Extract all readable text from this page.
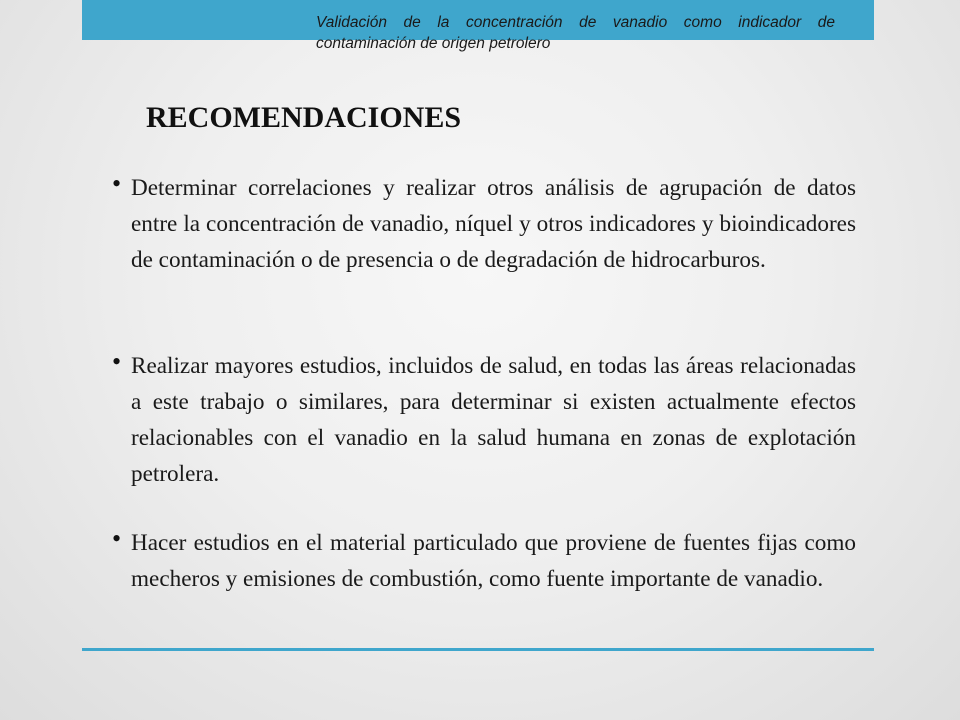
Validación de la concentración de vanadio como indicador de contaminación de origen petrolero

RECOMENDACIONES
• Determinar correlaciones y realizar otros análisis de agrupación de datos entre la concentración de vanadio, níquel y otros indicadores y bioindicadores de contaminación o de presencia o de degradación de hidrocarburos.

• Realizar mayores estudios, incluidos de salud, en todas las áreas relacionadas a este trabajo o similares, para determinar si existen actualmente efectos relacionables con el vanadio en la salud humana en zonas de explotación petrolera.

• Hacer estudios en el material particulado que proviene de fuentes fijas como mecheros y emisiones de combustión, como fuente importante de vanadio.
